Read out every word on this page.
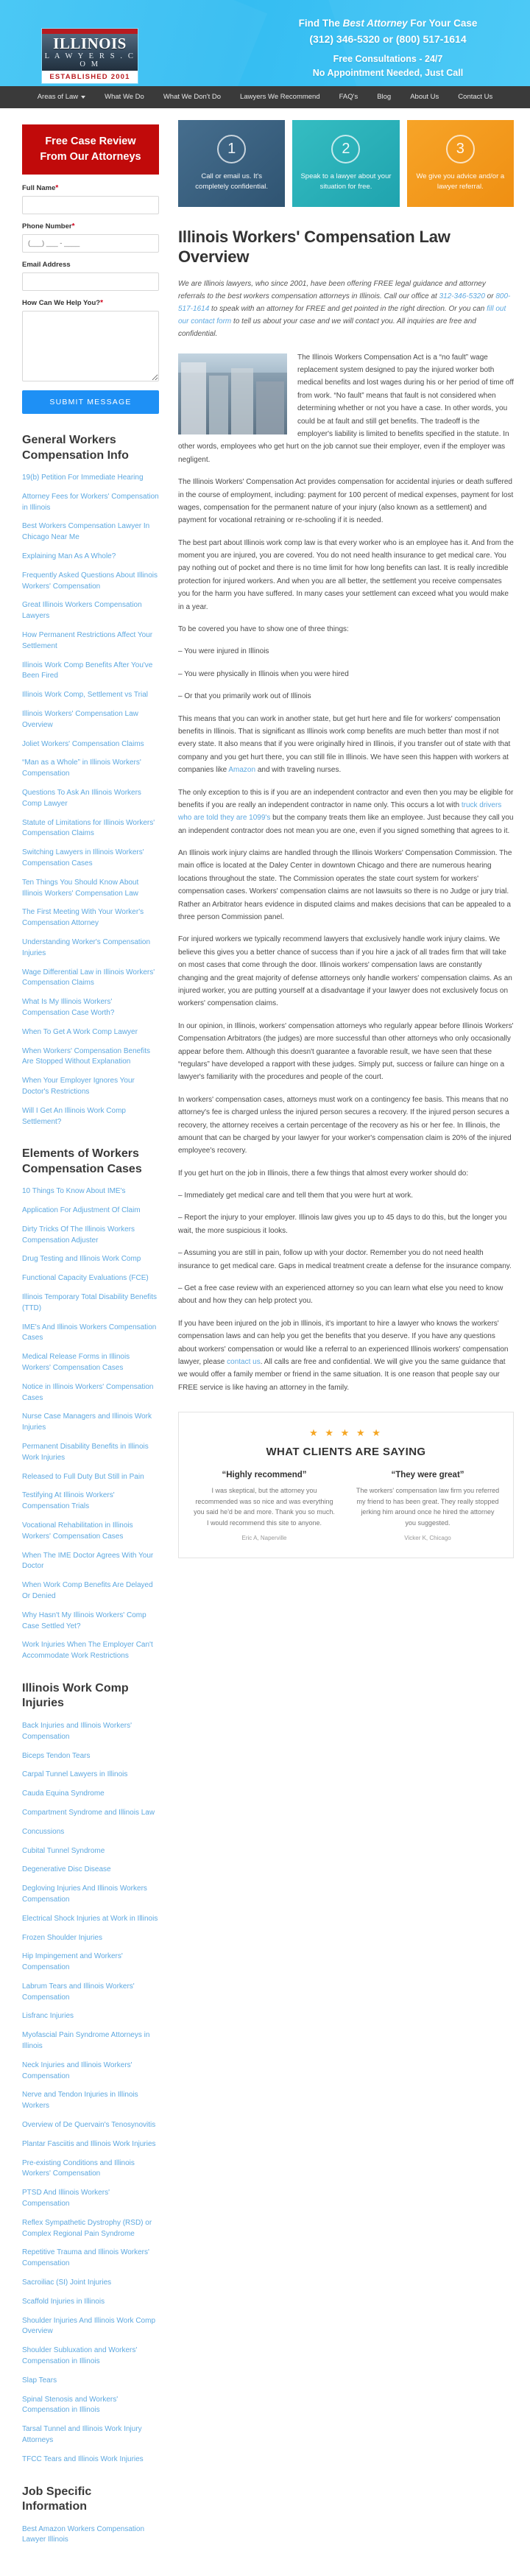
ILLINOIS
L A W Y E R S . C O M
ESTABLISHED 2001
Find The Best Attorney For Your Case
(312) 346-5320 or (800) 517-1614
Free Consultations - 24/7
No Appointment Needed, Just Call
Areas of Law	What We Do	What We Don't Do	Lawyers We Recommend	FAQ's	Blog	About Us	Contact Us
Free Case Review
From Our Attorneys
Full Name*
Phone Number*
(___) ___ - ____
Email Address
How Can We Help You?*
SUBMIT MESSAGE
General Workers Compensation Info
19(b) Petition For Immediate Hearing
Attorney Fees for Workers' Compensation in Illinois
Best Workers Compensation Lawyer In Chicago Near Me
Explaining Man As A Whole?
Frequently Asked Questions About Illinois Workers' Compensation
Great Illinois Workers Compensation Lawyers
How Permanent Restrictions Affect Your Settlement
Illinois Work Comp Benefits After You've Been Fired
Illinois Work Comp, Settlement vs Trial
Illinois Workers' Compensation Law Overview
Joliet Workers' Compensation Claims
“Man as a Whole” in Illinois Workers' Compensation
Questions To Ask An Illinois Workers Comp Lawyer
Statute of Limitations for Illinois Workers' Compensation Claims
Switching Lawyers in Illinois Workers' Compensation Cases
Ten Things You Should Know About Illinois Workers' Compensation Law
The First Meeting With Your Worker's Compensation Attorney
Understanding Worker's Compensation Injuries
Wage Differential Law in Illinois Workers' Compensation Claims
What Is My Illinois Workers' Compensation Case Worth?
When To Get A Work Comp Lawyer
When Workers' Compensation Benefits Are Stopped Without Explanation
When Your Employer Ignores Your Doctor's Restrictions
Will I Get An Illinois Work Comp Settlement?
Elements of Workers Compensation Cases
10 Things To Know About IME's
Application For Adjustment Of Claim
Dirty Tricks Of The Illinois Workers Compensation Adjuster
Drug Testing and Illinois Work Comp
Functional Capacity Evaluations (FCE)
Illinois Temporary Total Disability Benefits (TTD)
IME's And Illinois Workers Compensation Cases
Medical Release Forms in Illinois Workers' Compensation Cases
Notice in Illinois Workers' Compensation Cases
Nurse Case Managers and Illinois Work Injuries
Permanent Disability Benefits in Illinois Work Injuries
Released to Full Duty But Still in Pain
Testifying At Illinois Workers' Compensation Trials
Vocational Rehabilitation in Illinois Workers' Compensation Cases
When The IME Doctor Agrees With Your Doctor
When Work Comp Benefits Are Delayed Or Denied
Why Hasn't My Illinois Workers' Comp Case Settled Yet?
Work Injuries When The Employer Can't Accommodate Work Restrictions
Illinois Work Comp Injuries
Back Injuries and Illinois Workers' Compensation
Biceps Tendon Tears
Carpal Tunnel Lawyers in Illinois
Cauda Equina Syndrome
Compartment Syndrome and Illinois Law
Concussions
Cubital Tunnel Syndrome
Degenerative Disc Disease
Degloving Injuries And Illinois Workers Compensation
Electrical Shock Injuries at Work in Illinois
Frozen Shoulder Injuries
Hip Impingement and Workers' Compensation
Labrum Tears and Illinois Workers' Compensation
Lisfranc Injuries
Myofascial Pain Syndrome Attorneys in Illinois
Neck Injuries and Illinois Workers' Compensation
Nerve and Tendon Injuries in Illinois Workers
Overview of De Quervain's Tenosynovitis
Plantar Fasciitis and Illinois Work Injuries
Pre-existing Conditions and Illinois Workers' Compensation
PTSD And Illinois Workers' Compensation
Reflex Sympathetic Dystrophy (RSD) or Complex Regional Pain Syndrome
Repetitive Trauma and Illinois Workers' Compensation
Sacroiliac (SI) Joint Injuries
Scaffold Injuries in Illinois
Shoulder Injuries And Illinois Work Comp Overview
Shoulder Subluxation and Workers' Compensation in Illinois
Slap Tears
Spinal Stenosis and Workers' Compensation in Illinois
Tarsal Tunnel and Illinois Work Injury Attorneys
TFCC Tears and Illinois Work Injuries
Job Specific Information
Best Amazon Workers Compensation Lawyer Illinois
1
Call or email us. It's completely confidential.
2
Speak to a lawyer about your situation for free.
3
We give you advice and/or a lawyer referral.
Illinois Workers' Compensation Law Overview

We are Illinois lawyers, who since 2001, have been offering FREE legal guidance and attorney referrals to the best workers compensation attorneys in Illinois. Call our office at 312-346-5320 or 800-517-1614 to speak with an attorney for FREE and get pointed in the right direction. Or you can fill out our contact form to tell us about your case and we will contact you. All inquiries are free and confidential.

The Illinois Workers Compensation Act is a “no fault” wage replacement system designed to pay the injured worker both medical benefits and lost wages during his or her period of time off from work. “No fault” means that fault is not considered when determining whether or not you have a case. In other words, you could be at fault and still get benefits. The tradeoff is the employer's liability is limited to benefits specified in the statute. In other words, employees who get hurt on the job cannot sue their employer, even if the employer was negligent.

The Illinois Workers' Compensation Act provides compensation for accidental injuries or death suffered in the course of employment, including: payment for 100 percent of medical expenses, payment for lost wages, compensation for the permanent nature of your injury (also known as a settlement) and payment for vocational retraining or re-schooling if it is needed.

The best part about Illinois work comp law is that every worker who is an employee has it. And from the moment you are injured, you are covered. You do not need health insurance to get medical care. You pay nothing out of pocket and there is no time limit for how long benefits can last. It is really incredible protection for injured workers. And when you are all better, the settlement you receive compensates you for the harm you have suffered. In many cases your settlement can exceed what you would make in a year.

To be covered you have to show one of three things:

– You were injured in Illinois

– You were physically in Illinois when you were hired

– Or that you primarily work out of Illinois

This means that you can work in another state, but get hurt here and file for workers' compensation benefits in Illinois. That is significant as Illinois work comp benefits are much better than most if not every state. It also means that if you were originally hired in Illinois, if you transfer out of state with that company and you get hurt there, you can still file in Illinois. We have seen this happen with workers at companies like Amazon and with traveling nurses.

The only exception to this is if you are an independent contractor and even then you may be eligible for benefits if you are really an independent contractor in name only. This occurs a lot with truck drivers who are told they are 1099's but the company treats them like an employee. Just because they call you an independent contractor does not mean you are one, even if you signed something that agrees to it.

An Illinois work injury claims are handled through the Illinois Workers' Compensation Commission. The main office is located at the Daley Center in downtown Chicago and there are numerous hearing locations throughout the state. The Commission operates the state court system for workers' compensation cases. Workers' compensation claims are not lawsuits so there is no Judge or jury trial. Rather an Arbitrator hears evidence in disputed claims and makes decisions that can be appealed to a three person Commission panel.

For injured workers we typically recommend lawyers that exclusively handle work injury claims. We believe this gives you a better chance of success than if you hire a jack of all trades firm that will take on most cases that come through the door. Illinois workers' compensation laws are constantly changing and the great majority of defense attorneys only handle workers' compensation claims. As an injured worker, you are putting yourself at a disadvantage if your lawyer does not exclusively focus on workers' compensation claims.

In our opinion, in Illinois, workers' compensation attorneys who regularly appear before Illinois Workers' Compensation Arbitrators (the judges) are more successful than other attorneys who only occasionally appear before them. Although this doesn't guarantee a favorable result, we have seen that these “regulars” have developed a rapport with these judges. Simply put, success or failure can hinge on a lawyer's familiarity with the procedures and people of the court.

In workers' compensation cases, attorneys must work on a contingency fee basis. This means that no attorney's fee is charged unless the injured person secures a recovery. If the injured person secures a recovery, the attorney receives a certain percentage of the recovery as his or her fee. In Illinois, the amount that can be charged by your lawyer for your worker's compensation claim is 20% of the injured employee's recovery.

If you get hurt on the job in Illinois, there a few things that almost every worker should do:

– Immediately get medical care and tell them that you were hurt at work.

– Report the injury to your employer. Illinois law gives you up to 45 days to do this, but the longer you wait, the more suspicious it looks.

– Assuming you are still in pain, follow up with your doctor. Remember you do not need health insurance to get medical care. Gaps in medical treatment create a defense for the insurance company.

– Get a free case review with an experienced attorney so you can learn what else you need to know about and how they can help protect you.

If you have been injured on the job in Illinois, it's important to hire a lawyer who knows the workers' compensation laws and can help you get the benefits that you deserve. If you have any questions about workers' compensation or would like a referral to an experienced Illinois workers' compensation lawyer, please contact us. All calls are free and confidential. We will give you the same guidance that we would offer a family member or friend in the same situation. It is one reason that people say our FREE service is like having an attorney in the family.

★ ★ ★ ★ ★
WHAT CLIENTS ARE SAYING
“Highly recommend”
I was skeptical, but the attorney you recommended was so nice and was everything you said he'd be and more. Thank you so much. I would recommend this site to anyone.
Eric A, Naperville
“They were great”
The workers' compensation law firm you referred my friend to has been great. They really stopped jerking him around once he hired the attorney you suggested.
Vicker K, Chicago
